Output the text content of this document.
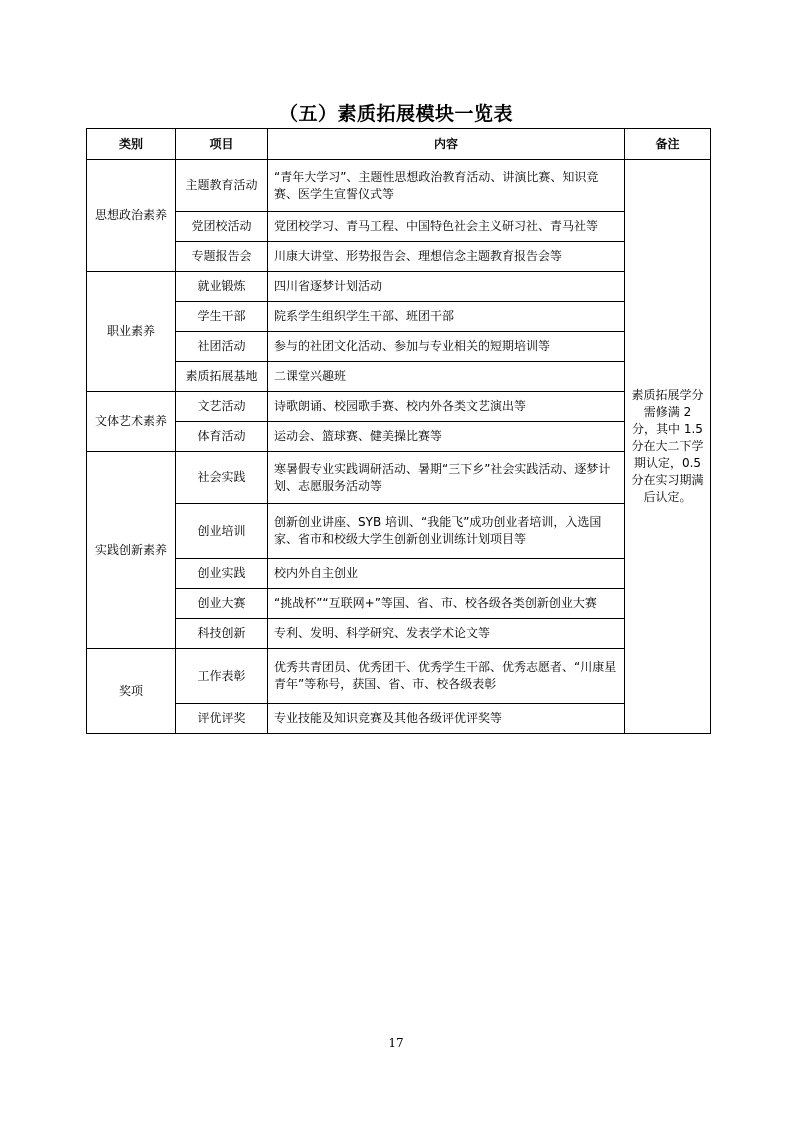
（五）素质拓展模块一览表
类别	项目	内容	备注
思想政治素养	主题教育活动	“青年大学习”、主题性思想政治教育活动、讲演比赛、知识竞赛、医学生宣誓仪式等	素质拓展学分需修满 2 分，其中 1.5 分在大二下学期认定，0.5 分在实习期满后认定。
	党团校活动	党团校学习、青马工程、中国特色社会主义研习社、青马社等	
	专题报告会	川康大讲堂、形势报告会、理想信念主题教育报告会等	
职业素养	就业锻炼	四川省逐梦计划活动	
	学生干部	院系学生组织学生干部、班团干部	
	社团活动	参与的社团文化活动、参加与专业相关的短期培训等	
	素质拓展基地	二课堂兴趣班	
文体艺术素养	文艺活动	诗歌朗诵、校园歌手赛、校内外各类文艺演出等	
	体育活动	运动会、篮球赛、健美操比赛等	
实践创新素养	社会实践	寒暑假专业实践调研活动、暑期“三下乡”社会实践活动、逐梦计划、志愿服务活动等	
	创业培训	创新创业讲座、SYB 培训、“我能飞”成功创业者培训，入选国家、省市和校级大学生创新创业训练计划项目等	
	创业实践	校内外自主创业	
	创业大赛	“挑战杯”“互联网+”等国、省、市、校各级各类创新创业大赛	
	科技创新	专利、发明、科学研究、发表学术论文等	
奖项	工作表彰	优秀共青团员、优秀团干、优秀学生干部、优秀志愿者、“川康星青年”等称号，获国、省、市、校各级表彰	
	评优评奖	专业技能及知识竞赛及其他各级评优评奖等	
17
